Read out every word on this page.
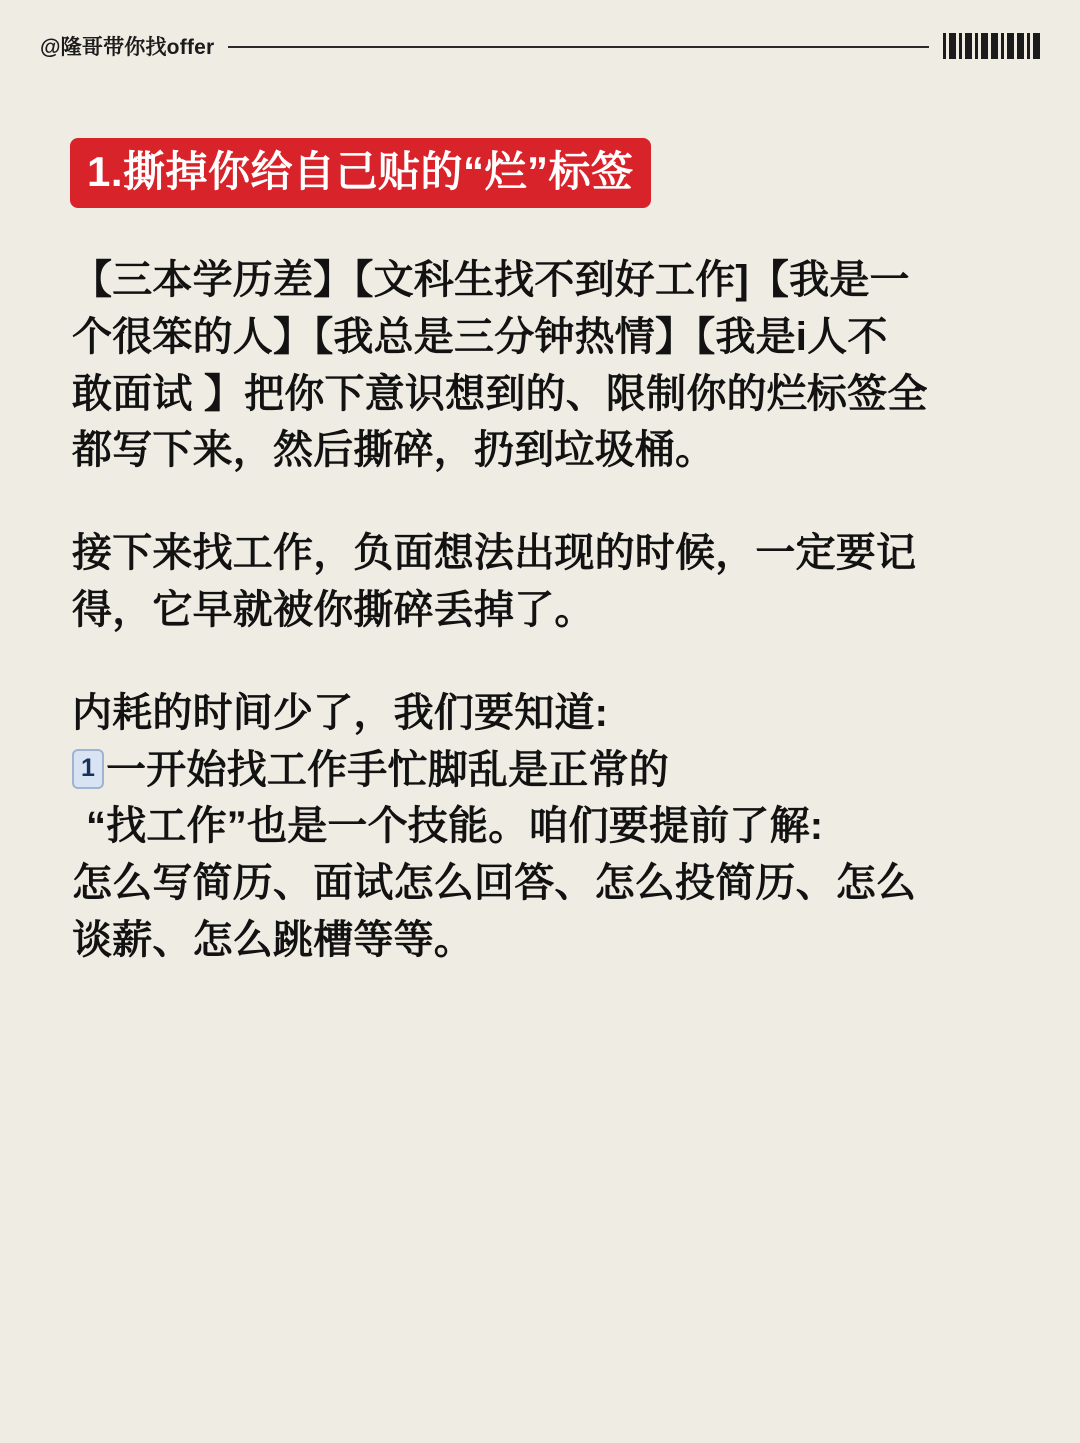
@隆哥带你找offer
1.撕掉你给自己贴的“烂”标签

【三本学历差】【文科生找不到好工作]【我是一
个很笨的人】【我总是三分钟热情】【我是i人不
敢面试 】把你下意识想到的、限制你的烂标签全
都写下来，然后撕碎，扔到垃圾桶。

接下来找工作，负面想法出现的时候，一定要记
得，它早就被你撕碎丢掉了。

内耗的时间少了，我们要知道:

1 一开始找工作手忙脚乱是正常的

“找工作”也是一个技能。咱们要提前了解:
怎么写简历、面试怎么回答、怎么投简历、怎么
谈薪、怎么跳槽等等。
